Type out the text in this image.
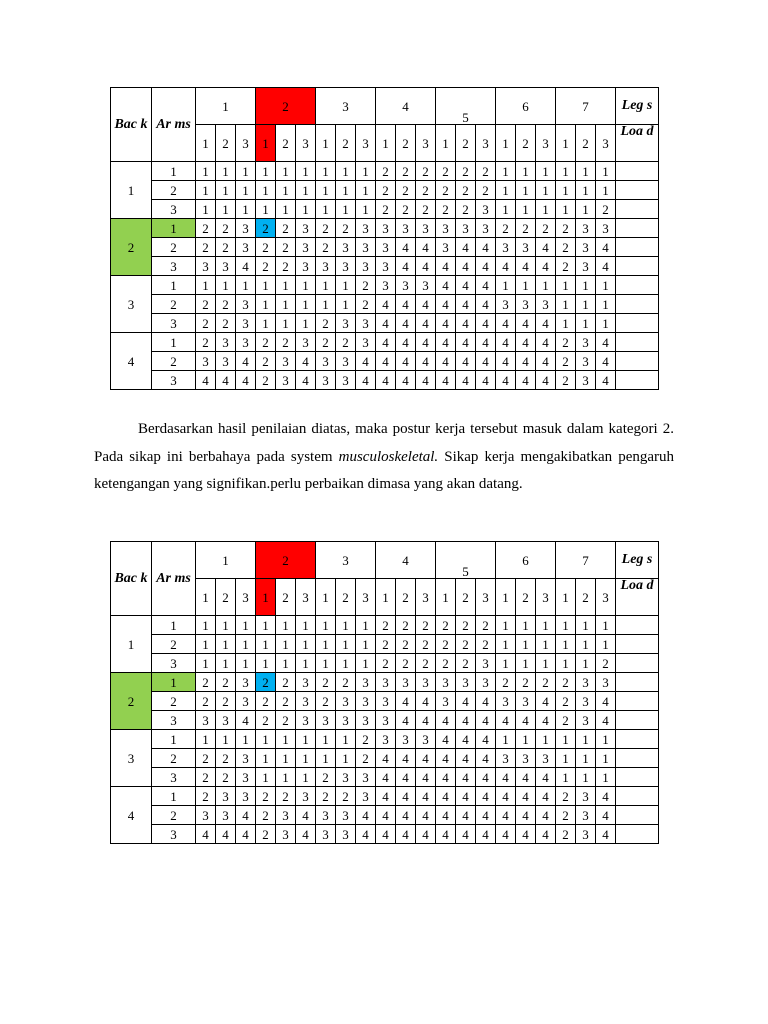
Bac k	Ar ms	1			2			3			4			5			6			7			Leg s
		1	2	3	1	2	3	1	2	3	1	2	3	1	2	3	1	2	3	1	2	3	Loa d
1	1	1	1	1	1	1	1	1	1	1	2	2	2	2	2	2	1	1	1	1	1	1	
	2	1	1	1	1	1	1	1	1	1	2	2	2	2	2	2	1	1	1	1	1	1	
	3	1	1	1	1	1	1	1	1	1	2	2	2	2	2	3	1	1	1	1	1	2	
2	1	2	2	3	2	2	3	2	2	3	3	3	3	3	3	3	2	2	2	2	3	3	
	2	2	2	3	2	2	3	2	3	3	3	4	4	3	4	4	3	3	4	2	3	4	
	3	3	3	4	2	2	3	3	3	3	3	4	4	4	4	4	4	4	4	2	3	4	
3	1	1	1	1	1	1	1	1	1	2	3	3	3	4	4	4	1	1	1	1	1	1	
	2	2	2	3	1	1	1	1	1	2	4	4	4	4	4	4	3	3	3	1	1	1	
	3	2	2	3	1	1	1	2	3	3	4	4	4	4	4	4	4	4	4	1	1	1	
4	1	2	3	3	2	2	3	2	2	3	4	4	4	4	4	4	4	4	4	2	3	4	
	2	3	3	4	2	3	4	3	3	4	4	4	4	4	4	4	4	4	4	2	3	4	
	3	4	4	4	2	3	4	3	3	4	4	4	4	4	4	4	4	4	4	2	3	4	
Bac k	Ar ms	1			2			3			4			5			6			7			Leg s
		1	2	3	1	2	3	1	2	3	1	2	3	1	2	3	1	2	3	1	2	3	Loa d
1	1	1	1	1	1	1	1	1	1	1	2	2	2	2	2	2	1	1	1	1	1	1	
	2	1	1	1	1	1	1	1	1	1	2	2	2	2	2	2	1	1	1	1	1	1	
	3	1	1	1	1	1	1	1	1	1	2	2	2	2	2	3	1	1	1	1	1	2	
2	1	2	2	3	2	2	3	2	2	3	3	3	3	3	3	3	2	2	2	2	3	3	
	2	2	2	3	2	2	3	2	3	3	3	4	4	3	4	4	3	3	4	2	3	4	
	3	3	3	4	2	2	3	3	3	3	3	4	4	4	4	4	4	4	4	2	3	4	
3	1	1	1	1	1	1	1	1	1	2	3	3	3	4	4	4	1	1	1	1	1	1	
	2	2	2	3	1	1	1	1	1	2	4	4	4	4	4	4	3	3	3	1	1	1	
	3	2	2	3	1	1	1	2	3	3	4	4	4	4	4	4	4	4	4	1	1	1	
4	1	2	3	3	2	2	3	2	2	3	4	4	4	4	4	4	4	4	4	2	3	4	
	2	3	3	4	2	3	4	3	3	4	4	4	4	4	4	4	4	4	4	2	3	4	
	3	4	4	4	2	3	4	3	3	4	4	4	4	4	4	4	4	4	4	2	3	4	

Berdasarkan hasil penilaian diatas, maka postur kerja tersebut masuk dalam kategori 2. Pada sikap ini berbahaya pada system musculoskeletal. Sikap kerja mengakibatkan pengaruh ketengangan yang signifikan.perlu perbaikan dimasa yang akan datang.
